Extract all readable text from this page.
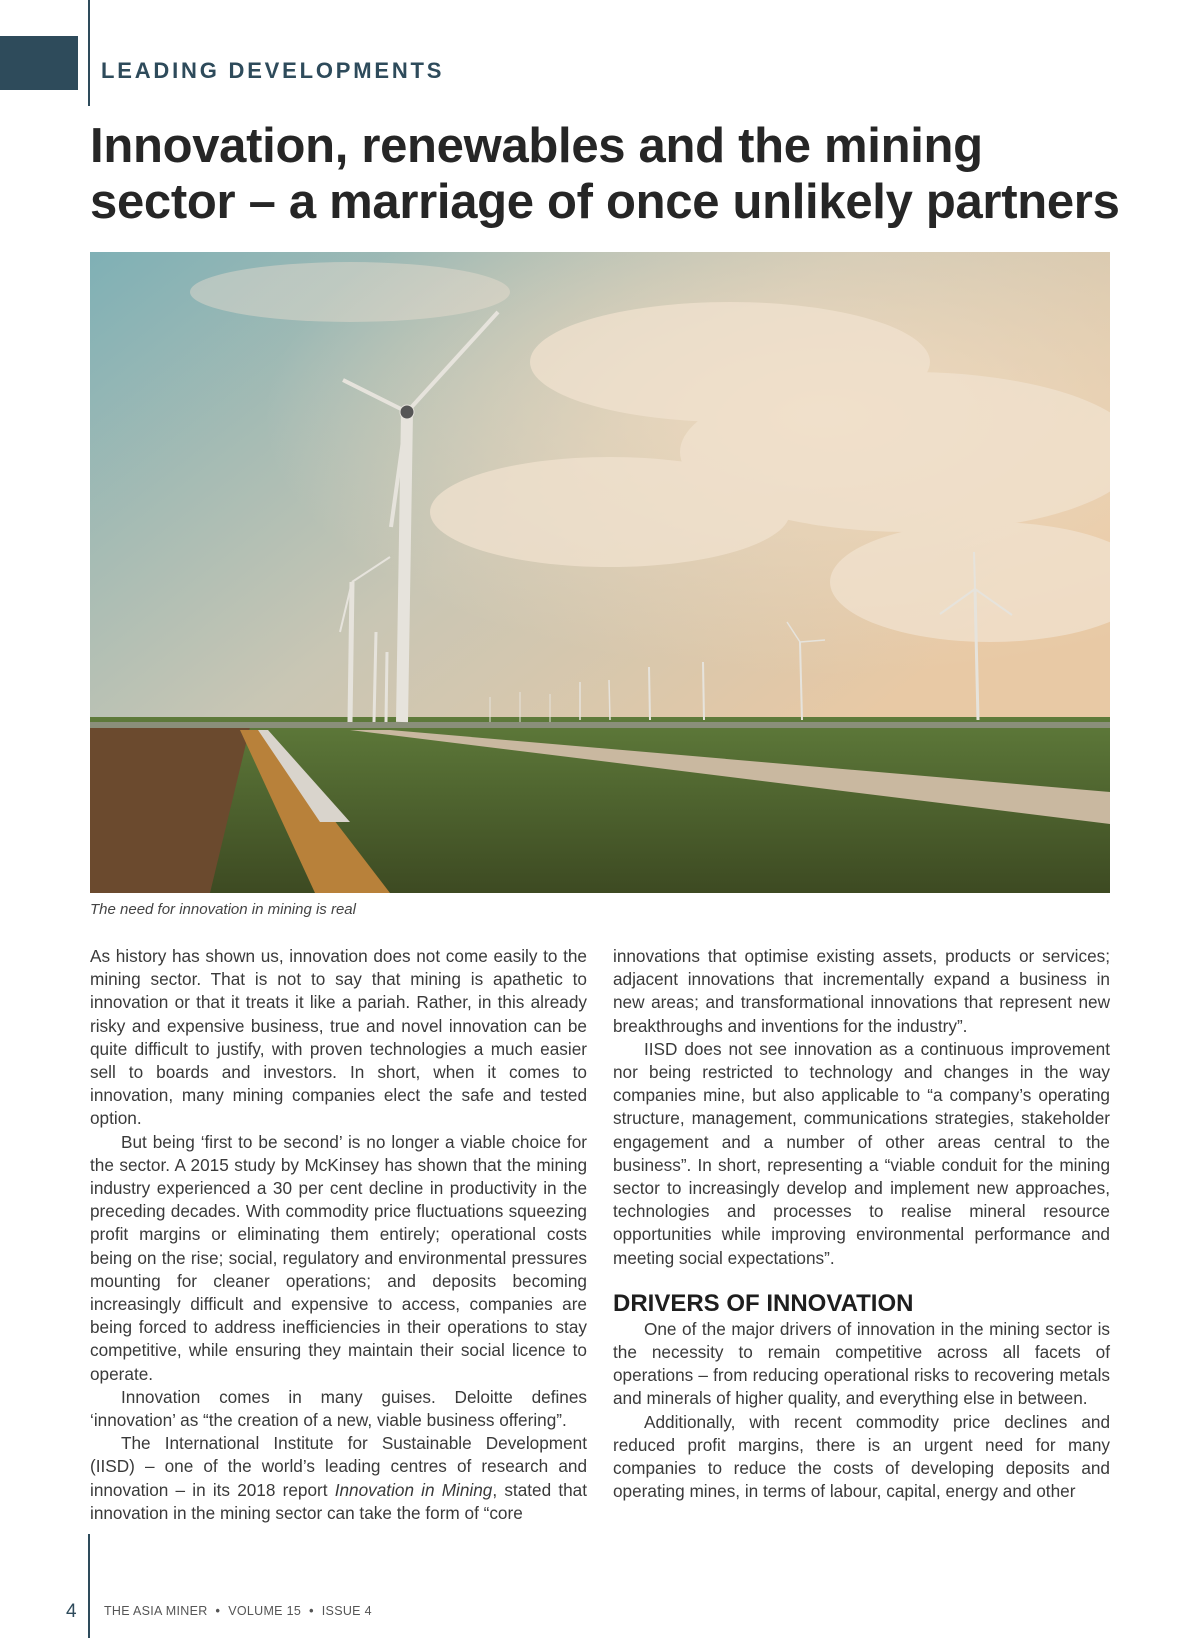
LEADING DEVELOPMENTS
Innovation, renewables and the mining sector – a marriage of once unlikely partners
The need for innovation in mining is real

As history has shown us, innovation does not come easily to the mining sector. That is not to say that mining is apathetic to innovation or that it treats it like a pariah. Rather, in this already risky and expensive business, true and novel innovation can be quite difficult to justify, with proven technologies a much easier sell to boards and investors. In short, when it comes to innovation, many mining companies elect the safe and tested option.

But being ‘first to be second’ is no longer a viable choice for the sector. A 2015 study by McKinsey has shown that the mining industry experienced a 30 per cent decline in productivity in the preceding decades. With commodity price fluctuations squeezing profit margins or eliminating them entirely; operational costs being on the rise; social, regulatory and environmental pressures mounting for cleaner operations; and deposits becoming increasingly difficult and expensive to access, companies are being forced to address inefficiencies in their operations to stay competitive, while ensuring they maintain their social licence to operate.

Innovation comes in many guises. Deloitte defines ‘innovation’ as “the creation of a new, viable business offering”.

The International Institute for Sustainable Development (IISD) – one of the world’s leading centres of research and innovation – in its 2018 report Innovation in Mining, stated that innovation in the mining sector can take the form of “core

innovations that optimise existing assets, products or services; adjacent innovations that incrementally expand a business in new areas; and transformational innovations that represent new breakthroughs and inventions for the industry”.

IISD does not see innovation as a continuous improvement nor being restricted to technology and changes in the way companies mine, but also applicable to “a company’s operating structure, management, communications strategies, stakeholder engagement and a number of other areas central to the business”. In short, representing a “viable conduit for the mining sector to increasingly develop and implement new approaches, technologies and processes to realise mineral resource opportunities while improving environmental performance and meeting social expectations”.

DRIVERS OF INNOVATION

One of the major drivers of innovation in the mining sector is the necessity to remain competitive across all facets of operations – from reducing operational risks to recovering metals and minerals of higher quality, and everything else in between.

Additionally, with recent commodity price declines and reduced profit margins, there is an urgent need for many companies to reduce the costs of developing deposits and operating mines, in terms of labour, capital, energy and other

4 THE ASIA MINER • VOLUME 15 • ISSUE 4
